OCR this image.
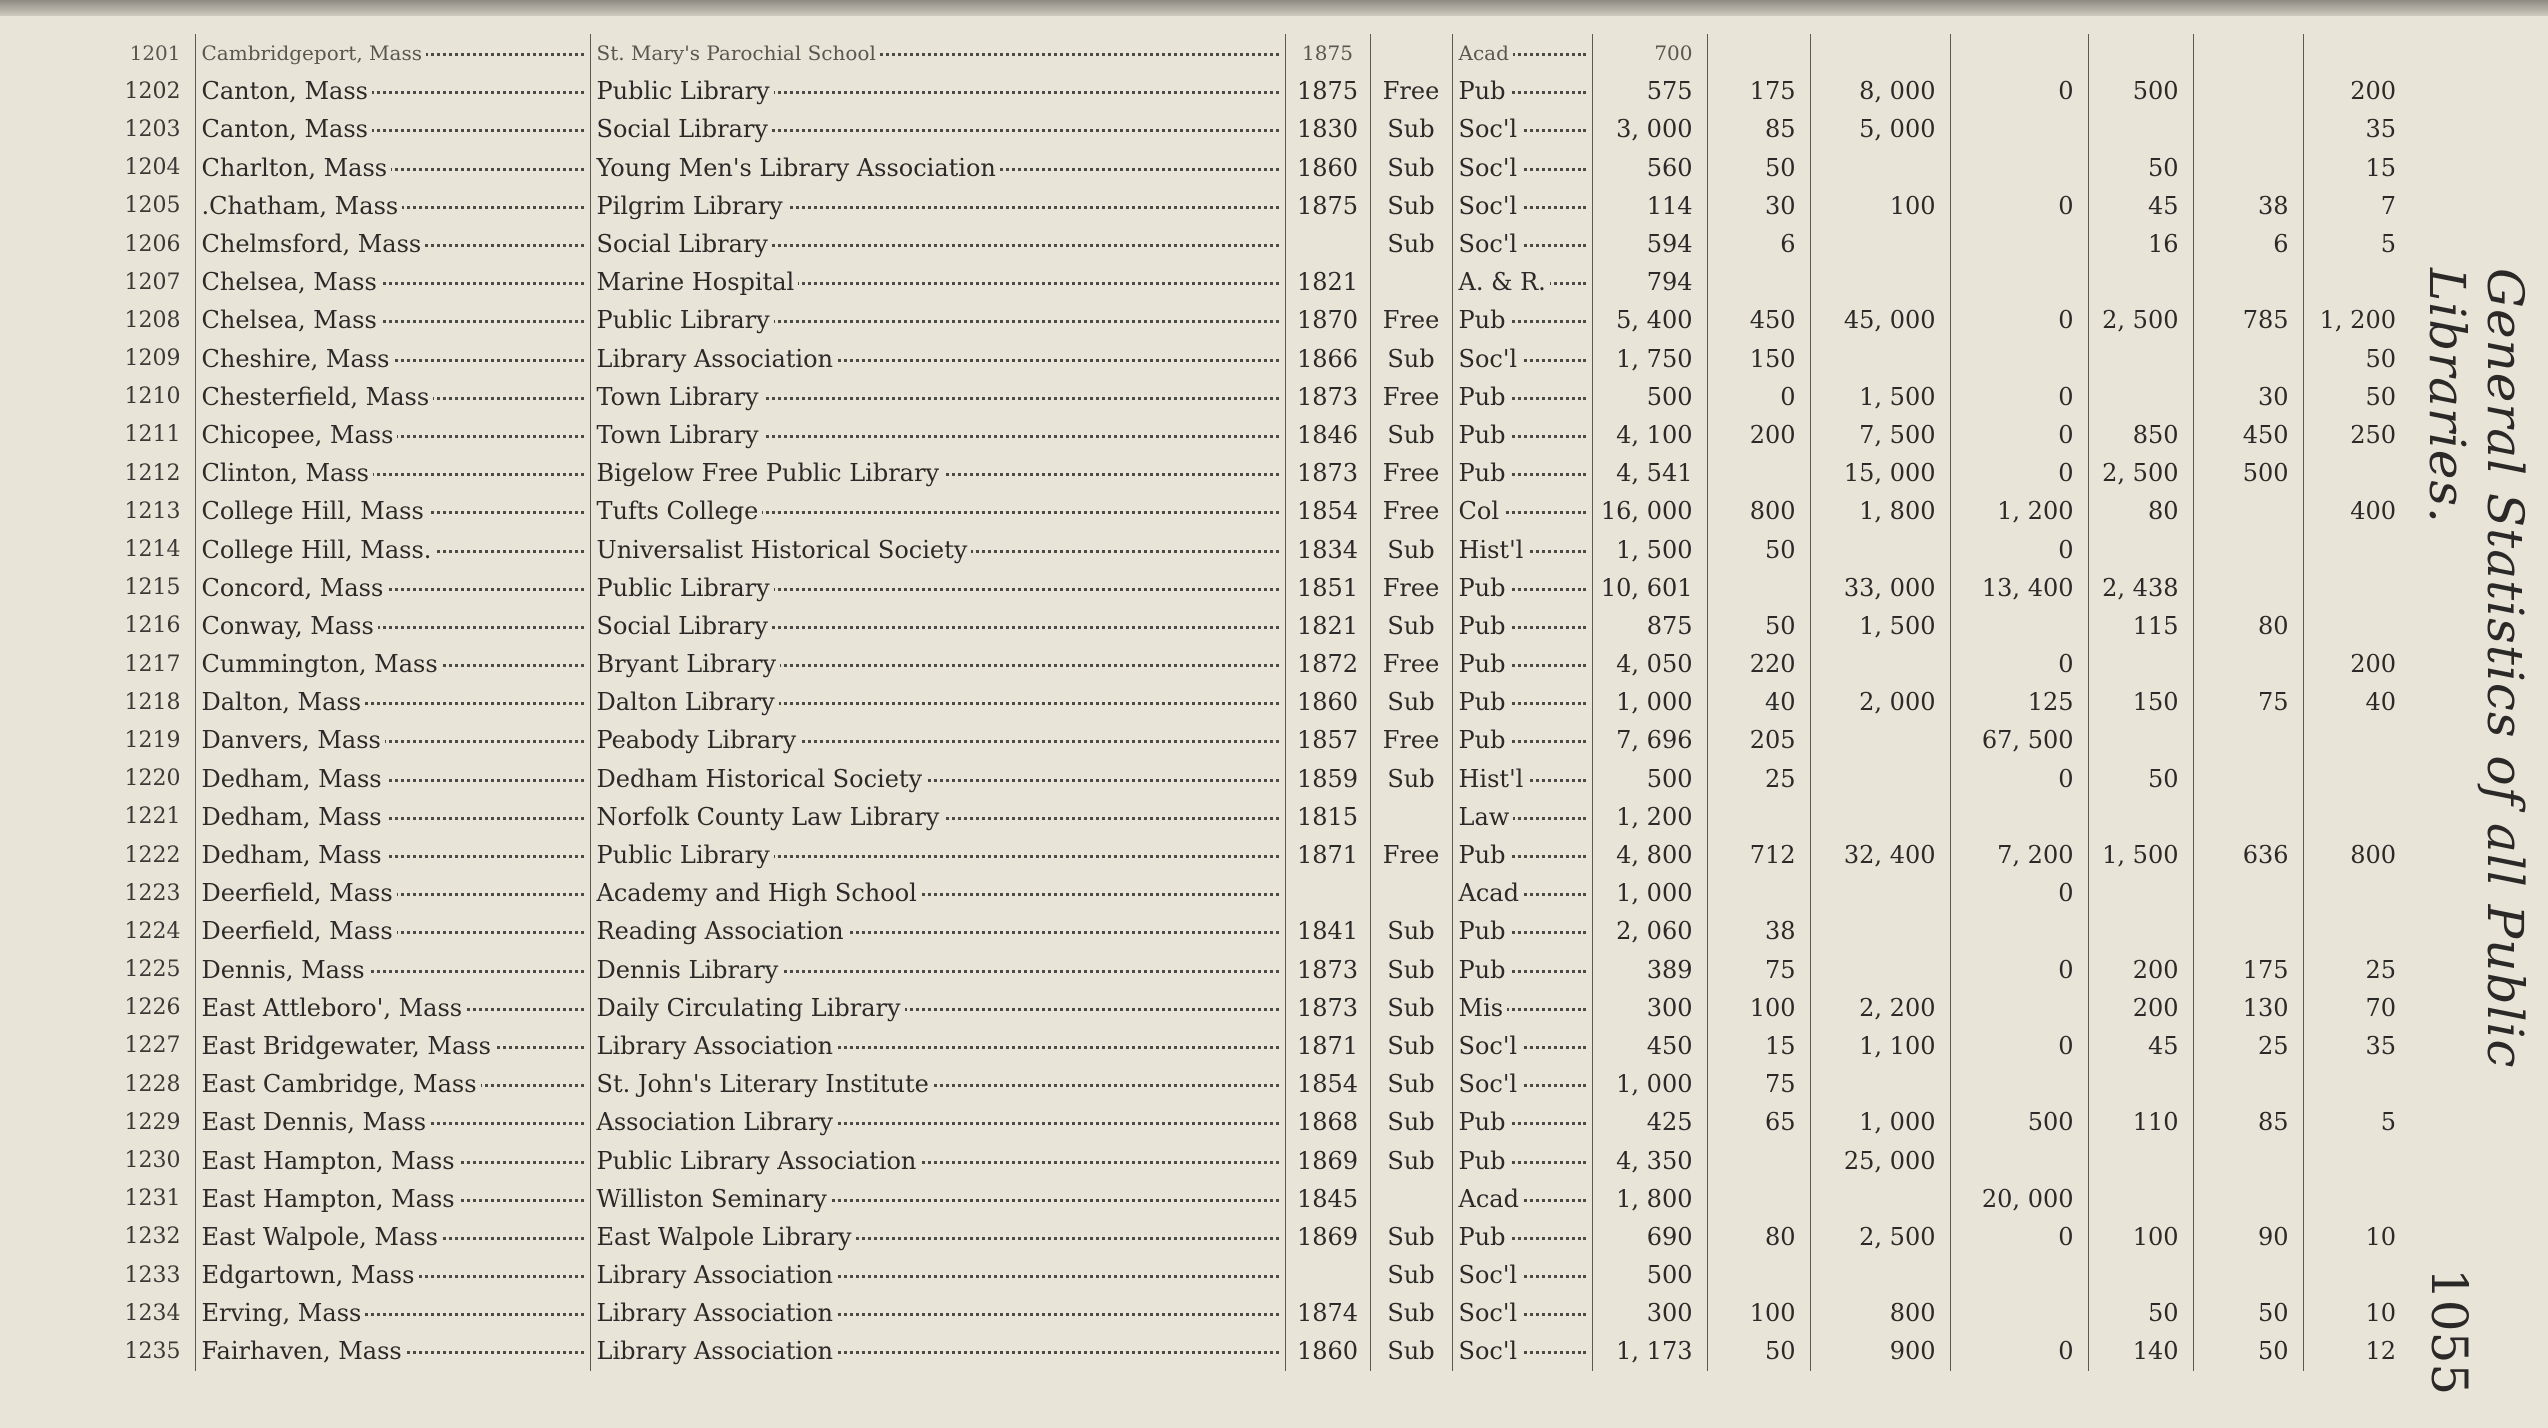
1201	Cambridgeport, Mass	St. Mary's Parochial School	1875		Acad	700						
1202	Canton, Mass	Public Library	1875	Free	Pub	575	175	8, 000	0	500		200
1203	Canton, Mass	Social Library	1830	Sub	Soc'l	3, 000	85	5, 000				35
1204	Charlton, Mass	Young Men's Library Association	1860	Sub	Soc'l	560	50			50		15
1205	.Chatham, Mass	Pilgrim Library	1875	Sub	Soc'l	114	30	100	0	45	38	7
1206	Chelmsford, Mass	Social Library		Sub	Soc'l	594	6			16	6	5
1207	Chelsea, Mass	Marine Hospital	1821		A. & R.	794						
1208	Chelsea, Mass	Public Library	1870	Free	Pub	5, 400	450	45, 000	0	2, 500	785	1, 200
1209	Cheshire, Mass	Library Association	1866	Sub	Soc'l	1, 750	150					50
1210	Chesterfield, Mass	Town Library	1873	Free	Pub	500	0	1, 500	0		30	50
1211	Chicopee, Mass	Town Library	1846	Sub	Pub	4, 100	200	7, 500	0	850	450	250
1212	Clinton, Mass	Bigelow Free Public Library	1873	Free	Pub	4, 541		15, 000	0	2, 500	500	
1213	College Hill, Mass	Tufts College	1854	Free	Col	16, 000	800	1, 800	1, 200	80		400
1214	College Hill, Mass.	Universalist Historical Society	1834	Sub	Hist'l	1, 500	50		0			
1215	Concord, Mass	Public Library	1851	Free	Pub	10, 601		33, 000	13, 400	2, 438		
1216	Conway, Mass	Social Library	1821	Sub	Pub	875	50	1, 500		115	80	
1217	Cummington, Mass	Bryant Library	1872	Free	Pub	4, 050	220		0			200
1218	Dalton, Mass	Dalton Library	1860	Sub	Pub	1, 000	40	2, 000	125	150	75	40
1219	Danvers, Mass	Peabody Library	1857	Free	Pub	7, 696	205		67, 500			
1220	Dedham, Mass	Dedham Historical Society	1859	Sub	Hist'l	500	25		0	50		
1221	Dedham, Mass	Norfolk County Law Library	1815		Law	1, 200						
1222	Dedham, Mass	Public Library	1871	Free	Pub	4, 800	712	32, 400	7, 200	1, 500	636	800
1223	Deerfield, Mass	Academy and High School			Acad	1, 000			0			
1224	Deerfield, Mass	Reading Association	1841	Sub	Pub	2, 060	38					
1225	Dennis, Mass	Dennis Library	1873	Sub	Pub	389	75		0	200	175	25
1226	East Attleboro', Mass	Daily Circulating Library	1873	Sub	Mis	300	100	2, 200		200	130	70
1227	East Bridgewater, Mass	Library Association	1871	Sub	Soc'l	450	15	1, 100	0	45	25	35
1228	East Cambridge, Mass	St. John's Literary Institute	1854	Sub	Soc'l	1, 000	75					
1229	East Dennis, Mass	Association Library	1868	Sub	Pub	425	65	1, 000	500	110	85	5
1230	East Hampton, Mass	Public Library Association	1869	Sub	Pub	4, 350		25, 000				
1231	East Hampton, Mass	Williston Seminary	1845		Acad	1, 800			20, 000			
1232	East Walpole, Mass	East Walpole Library	1869	Sub	Pub	690	80	2, 500	0	100	90	10
1233	Edgartown, Mass	Library Association		Sub	Soc'l	500						
1234	Erving, Mass	Library Association	1874	Sub	Soc'l	300	100	800		50	50	10
1235	Fairhaven, Mass	Library Association	1860	Sub	Soc'l	1, 173	50	900	0	140	50	12
General Statistics of all Public Libraries.
1055
